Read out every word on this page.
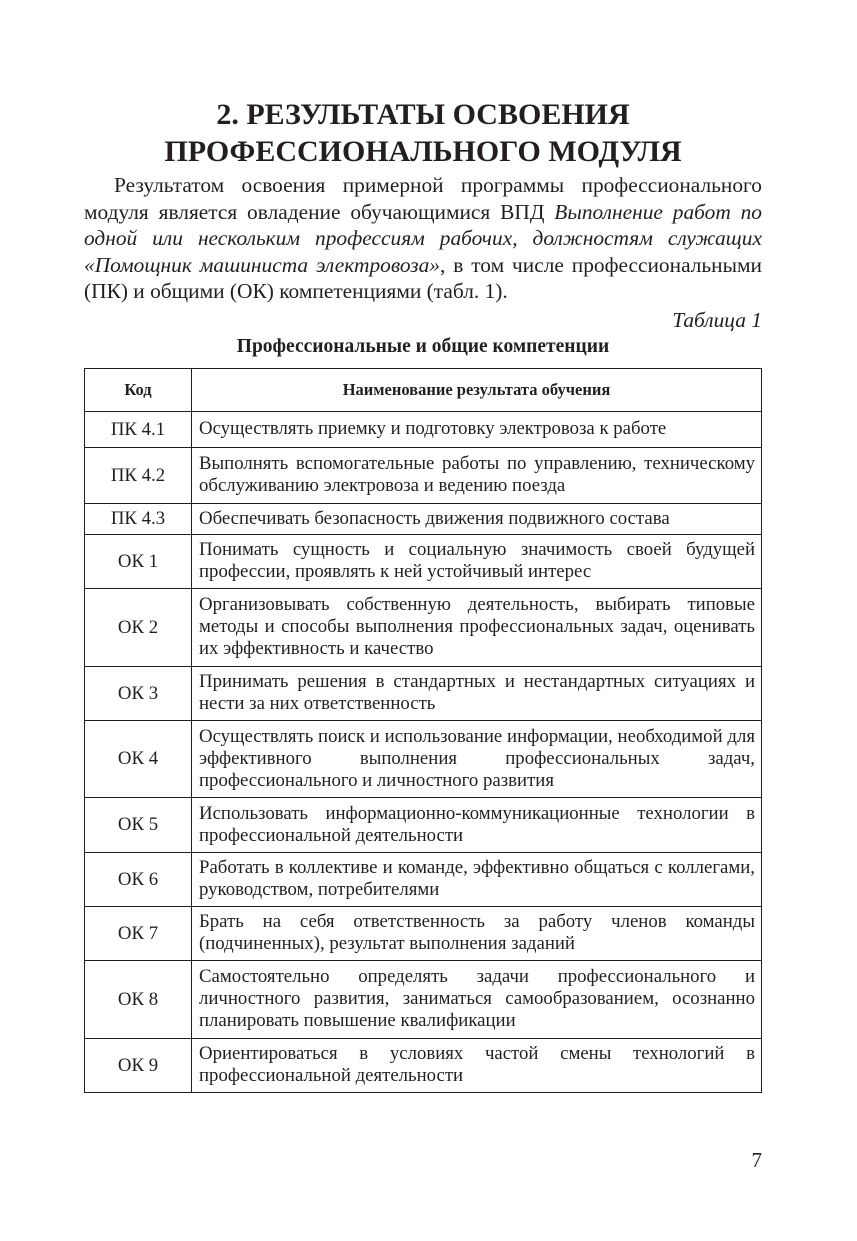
2. РЕЗУЛЬТАТЫ ОСВОЕНИЯ
ПРОФЕССИОНАЛЬНОГО МОДУЛЯ

Результатом освоения примерной программы профессионального модуля является овладение обучающимися ВПД Выполнение работ по одной или нескольким профессиям рабочих, должностям служащих «Помощник машиниста электровоза», в том числе профессиональными (ПК) и общими (ОК) компетенциями (табл. 1).

Таблица 1
Профессиональные и общие компетенции
Код	Наименование результата обучения
ПК 4.1	Осуществлять приемку и подготовку электровоза к работе
ПК 4.2	Выполнять вспомогательные работы по управлению, техническому обслуживанию электровоза и ведению поезда
ПК 4.3	Обеспечивать безопасность движения подвижного состава
ОК 1	Понимать сущность и социальную значимость своей будущей профессии, проявлять к ней устойчивый интерес
ОК 2	Организовывать собственную деятельность, выбирать типовые методы и способы выполнения профессиональных задач, оценивать их эффективность и качество
ОК 3	Принимать решения в стандартных и нестандартных ситуациях и нести за них ответственность
ОК 4	Осуществлять поиск и использование информации, необходимой для эффективного выполнения профессиональных задач, профессионального и личностного развития
ОК 5	Использовать информационно-коммуникационные технологии в профессиональной деятельности
ОК 6	Работать в коллективе и команде, эффективно общаться с коллегами, руководством, потребителями
ОК 7	Брать на себя ответственность за работу членов команды (подчиненных), результат выполнения заданий
ОК 8	Самостоятельно определять задачи профессионального и личностного развития, заниматься самообразованием, осознанно планировать повышение квалификации
ОК 9	Ориентироваться в условиях частой смены технологий в профессиональной деятельности
7
